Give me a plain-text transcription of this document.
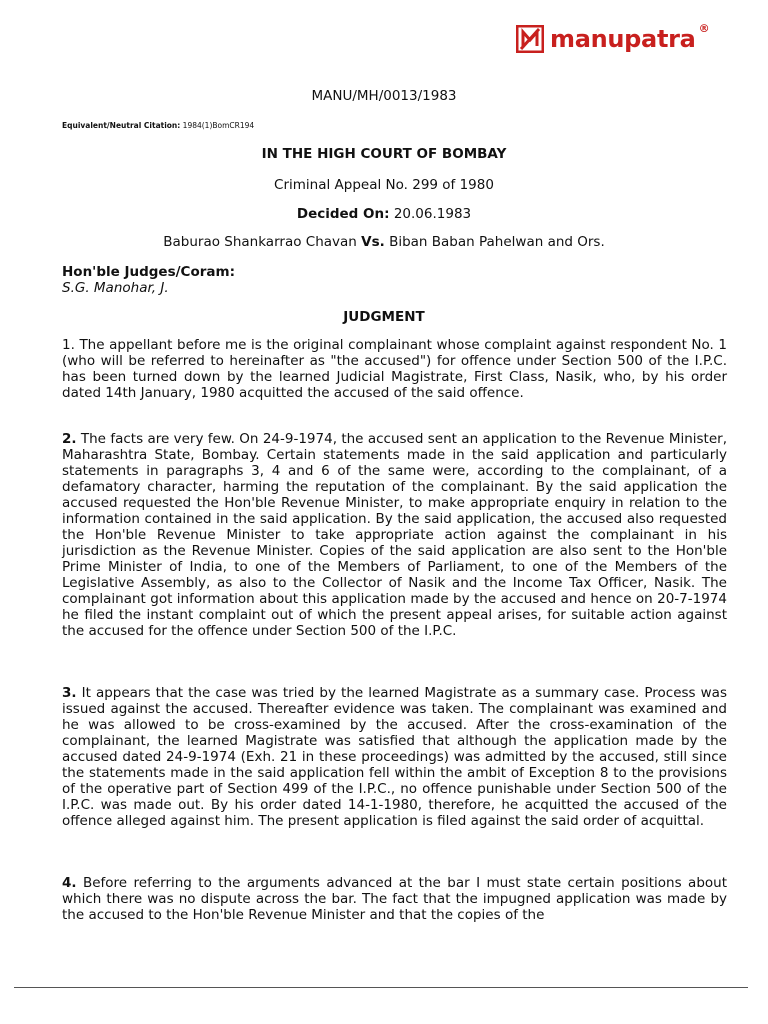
manupatra ®
MANU/MH/0013/1983
Equivalent/Neutral Citation: 1984(1)BomCR194
IN THE HIGH COURT OF BOMBAY
Criminal Appeal No. 299 of 1980
Decided On: 20.06.1983
Baburao Shankarrao Chavan Vs. Biban Baban Pahelwan and Ors.
Hon'ble Judges/Coram:
S.G. Manohar, J.
JUDGMENT

1. The appellant before me is the original complainant whose complaint against respondent No. 1 (who will be referred to hereinafter as "the accused") for offence under Section 500 of the I.P.C. has been turned down by the learned Judicial Magistrate, First Class, Nasik, who, by his order dated 14th January, 1980 acquitted the accused of the said offence.

2. The facts are very few. On 24-9-1974, the accused sent an application to the Revenue Minister, Maharashtra State, Bombay. Certain statements made in the said application and particularly statements in paragraphs 3, 4 and 6 of the same were, according to the complainant, of a defamatory character, harming the reputation of the complainant. By the said application the accused requested the Hon'ble Revenue Minister, to make appropriate enquiry in relation to the information contained in the said application. By the said application, the accused also requested the Hon'ble Revenue Minister to take appropriate action against the complainant in his jurisdiction as the Revenue Minister. Copies of the said application are also sent to the Hon'ble Prime Minister of India, to one of the Members of Parliament, to one of the Members of the Legislative Assembly, as also to the Collector of Nasik and the Income Tax Officer, Nasik. The complainant got information about this application made by the accused and hence on 20-7-1974 he filed the instant complaint out of which the present appeal arises, for suitable action against the accused for the offence under Section 500 of the I.P.C.

3. It appears that the case was tried by the learned Magistrate as a summary case. Process was issued against the accused. Thereafter evidence was taken. The complainant was examined and he was allowed to be cross-examined by the accused. After the cross-examination of the complainant, the learned Magistrate was satisfied that although the application made by the accused dated 24-9-1974 (Exh. 21 in these proceedings) was admitted by the accused, still since the statements made in the said application fell within the ambit of Exception 8 to the provisions of the operative part of Section 499 of the I.P.C., no offence punishable under Section 500 of the I.P.C. was made out. By his order dated 14-1-1980, therefore, he acquitted the accused of the offence alleged against him. The present application is filed against the said order of acquittal.

4. Before referring to the arguments advanced at the bar I must state certain positions about which there was no dispute across the bar. The fact that the impugned application was made by the accused to the Hon'ble Revenue Minister and that the copies of the
